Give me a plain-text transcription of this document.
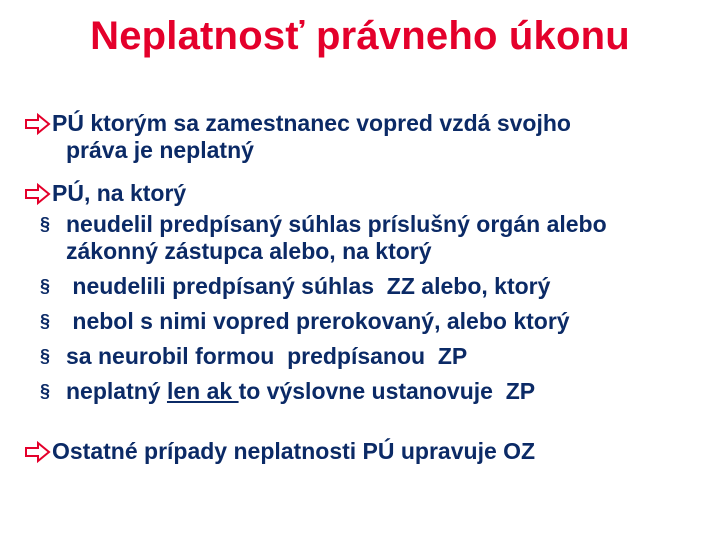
Neplatnosť právneho úkonu
PÚ ktorým sa zamestnanec vopred vzdá svojho
práva je neplatný
PÚ, na ktorý
§ neudelil predpísaný súhlas príslušný orgán alebo
zákonný zástupca alebo, na ktorý
§ neudelili predpísaný súhlas  ZZ alebo, ktorý
§ nebol s nimi vopred prerokovaný, alebo ktorý
§ sa neurobil formou  predpísanou  ZP
§ neplatný len ak to výslovne ustanovuje  ZP
Ostatné prípady neplatnosti PÚ upravuje OZ
